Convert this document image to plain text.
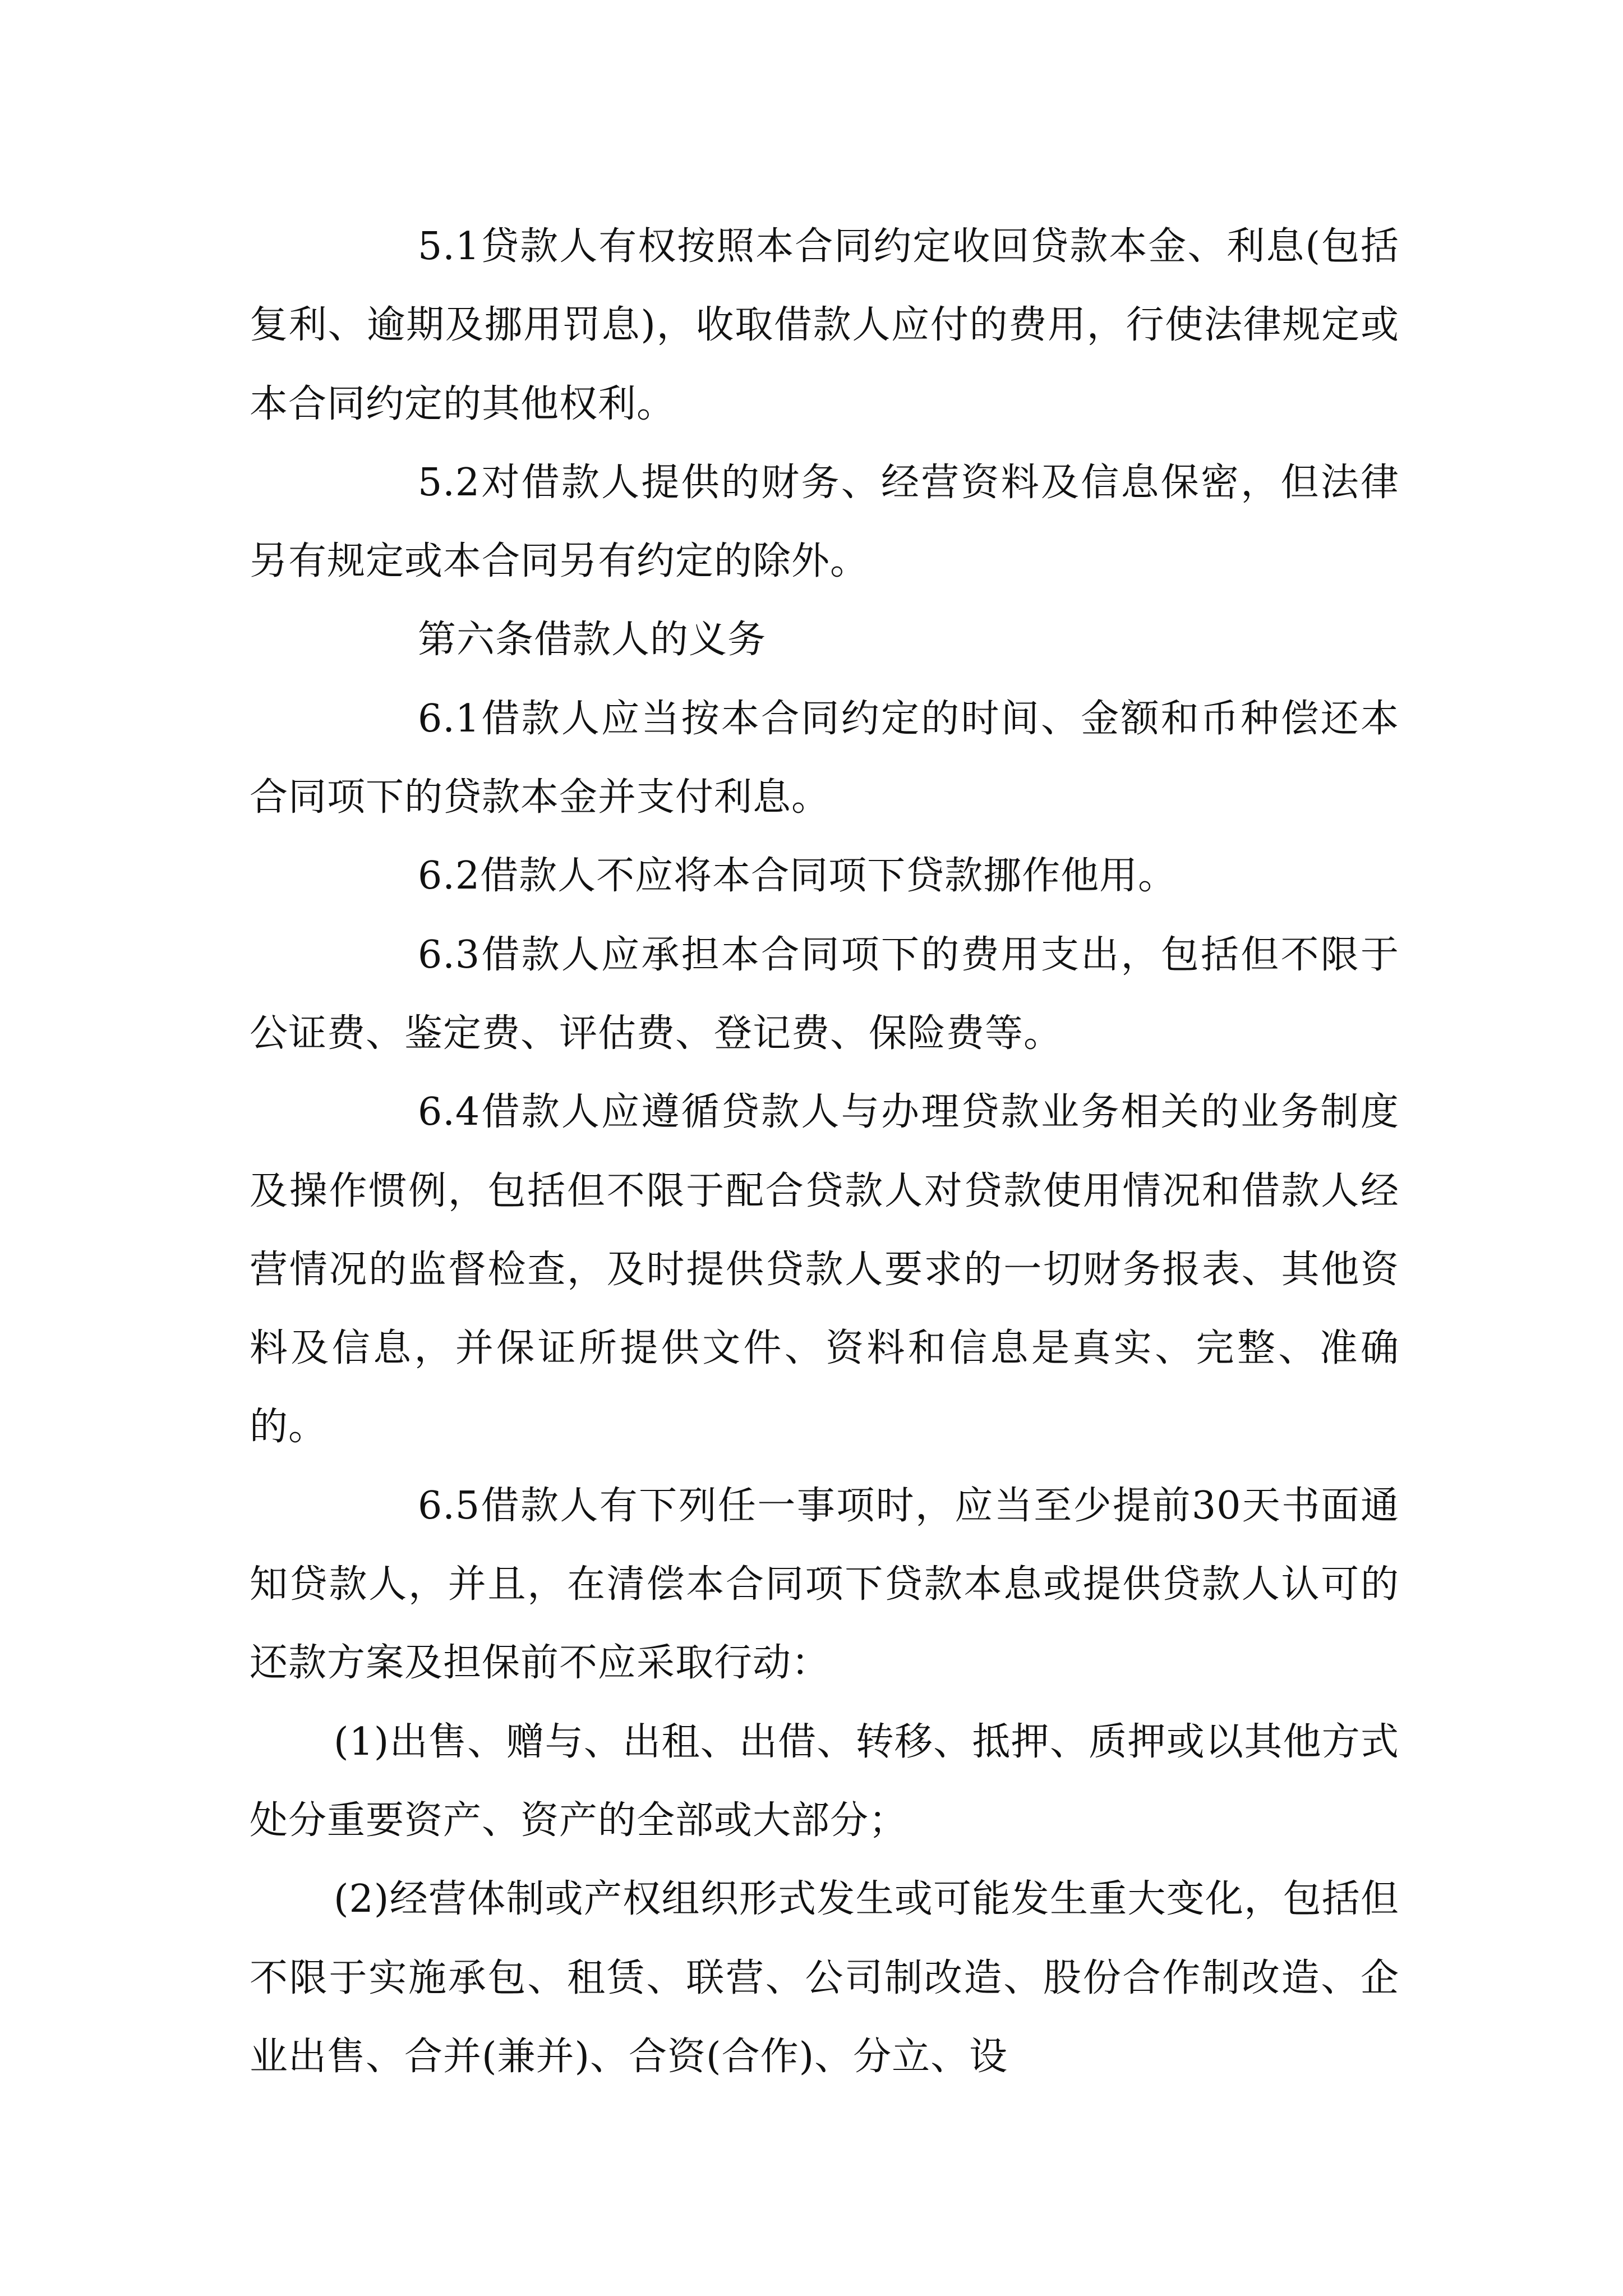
5.1贷款人有权按照本合同约定收回贷款本金、利息(包括复利、逾期及挪用罚息)，收取借款人应付的费用，行使法律规定或本合同约定的其他权利。

5.2对借款人提供的财务、经营资料及信息保密，但法律另有规定或本合同另有约定的除外。

第六条借款人的义务

6.1借款人应当按本合同约定的时间、金额和币种偿还本合同项下的贷款本金并支付利息。

6.2借款人不应将本合同项下贷款挪作他用。

6.3借款人应承担本合同项下的费用支出，包括但不限于公证费、鉴定费、评估费、登记费、保险费等。

6.4借款人应遵循贷款人与办理贷款业务相关的业务制度及操作惯例，包括但不限于配合贷款人对贷款使用情况和借款人经营情况的监督检查，及时提供贷款人要求的一切财务报表、其他资料及信息，并保证所提供文件、资料和信息是真实、完整、准确的。

6.5借款人有下列任一事项时，应当至少提前30天书面通知贷款人，并且，在清偿本合同项下贷款本息或提供贷款人认可的还款方案及担保前不应采取行动：

(1)出售、赠与、出租、出借、转移、抵押、质押或以其他方式处分重要资产、资产的全部或大部分；

(2)经营体制或产权组织形式发生或可能发生重大变化，包括但不限于实施承包、租赁、联营、公司制改造、股份合作制改造、企业出售、合并(兼并)、合资(合作)、分立、设
